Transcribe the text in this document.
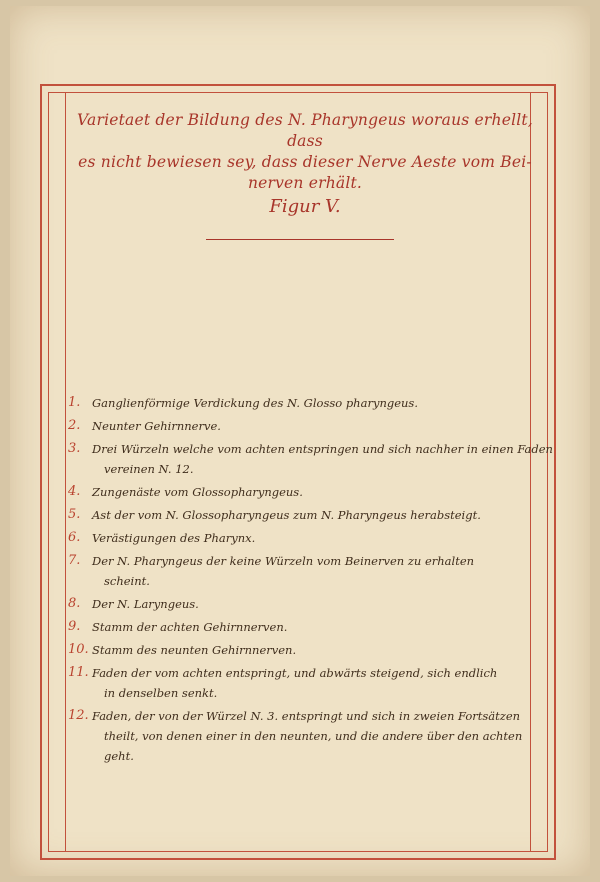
Varietaet der Bildung des N. Pharyngeus woraus erhellt, dass
es nicht bewiesen sey, dass dieser Nerve Aeste vom Bei-
nerven erhält.
Figur V.
1. Ganglienförmige Verdickung des N. Glosso pharyngeus.
2. Neunter Gehirnnerve.
3. Drei Würzeln welche vom achten entspringen und sich nachher in einen Faden
vereinen N. 12.
4. Zungenäste vom Glossopharyngeus.
5. Ast der vom N. Glossopharyngeus zum N. Pharyngeus herabsteigt.
6. Verästigungen des Pharynx.
7. Der N. Pharyngeus der keine Würzeln vom Beinerven zu erhalten
scheint.
8. Der N. Laryngeus.
9. Stamm der achten Gehirnnerven.
10. Stamm des neunten Gehirnnerven.
11. Faden der vom achten entspringt, und abwärts steigend, sich endlich
in denselben senkt.
12. Faden, der von der Würzel N. 3. entspringt und sich in zweien Fortsätzen
theilt, von denen einer in den neunten, und die andere über den achten
geht.
